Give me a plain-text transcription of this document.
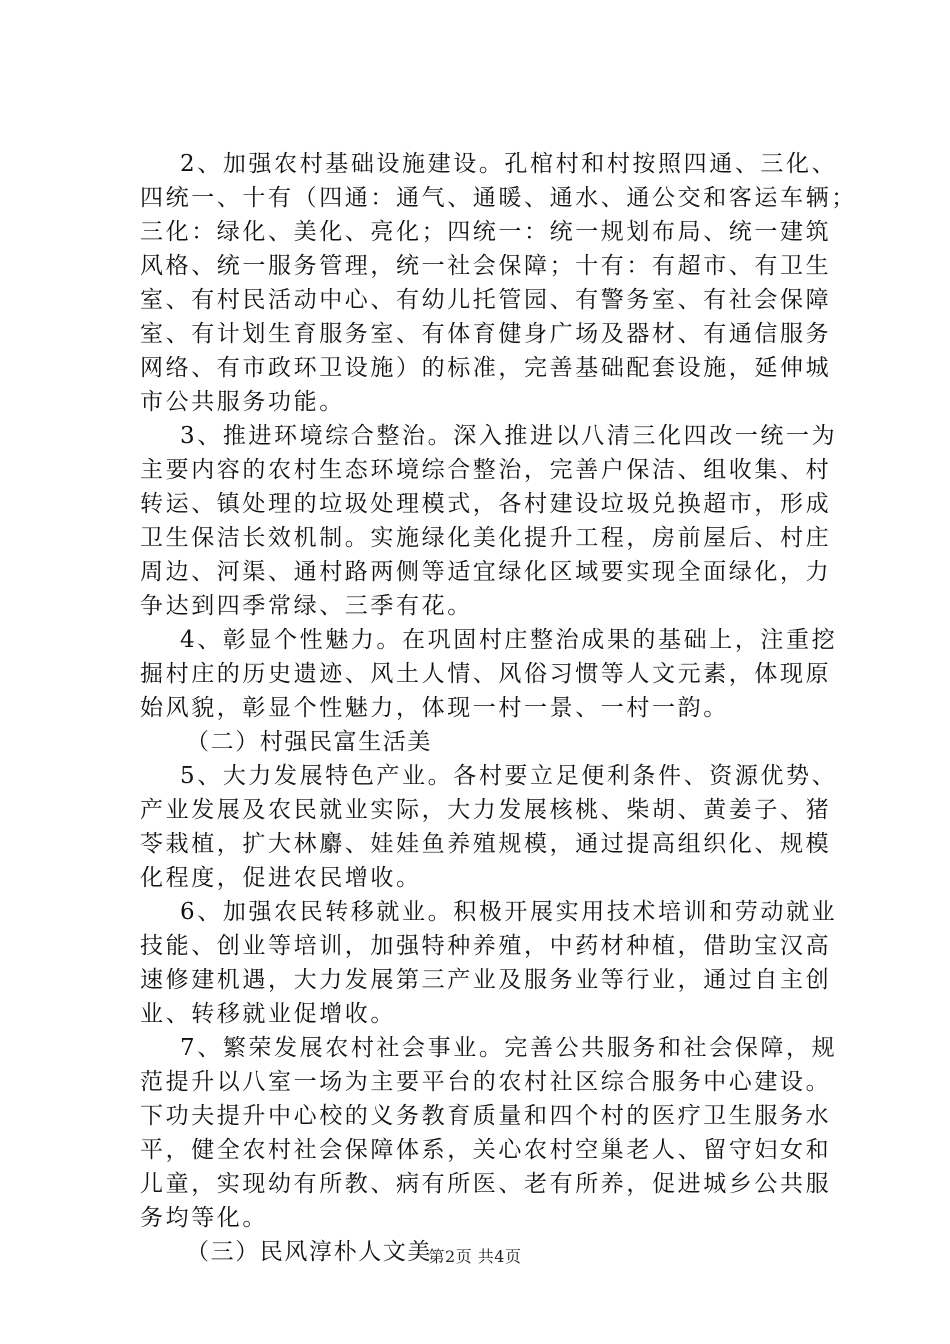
2、加强农村基础设施建设。孔棺村和村按照四通、三化、
四统一、十有（四通：通气、通暖、通水、通公交和客运车辆；
三化：绿化、美化、亮化；四统一：统一规划布局、统一建筑
风格、统一服务管理，统一社会保障；十有：有超市、有卫生
室、有村民活动中心、有幼儿托管园、有警务室、有社会保障
室、有计划生育服务室、有体育健身广场及器材、有通信服务
网络、有市政环卫设施）的标准，完善基础配套设施，延伸城
市公共服务功能。
3、推进环境综合整治。深入推进以八清三化四改一统一为
主要内容的农村生态环境综合整治，完善户保洁、组收集、村
转运、镇处理的垃圾处理模式，各村建设垃圾兑换超市，形成
卫生保洁长效机制。实施绿化美化提升工程，房前屋后、村庄
周边、河渠、通村路两侧等适宜绿化区域要实现全面绿化，力
争达到四季常绿、三季有花。
4、彰显个性魅力。在巩固村庄整治成果的基础上，注重挖
掘村庄的历史遗迹、风土人情、风俗习惯等人文元素，体现原
始风貌，彰显个性魅力，体现一村一景、一村一韵。
（二）村强民富生活美
5、大力发展特色产业。各村要立足便利条件、资源优势、
产业发展及农民就业实际，大力发展核桃、柴胡、黄姜子、猪
苓栽植，扩大林麝、娃娃鱼养殖规模，通过提高组织化、规模
化程度，促进农民增收。
6、加强农民转移就业。积极开展实用技术培训和劳动就业
技能、创业等培训，加强特种养殖，中药材种植，借助宝汉高
速修建机遇，大力发展第三产业及服务业等行业，通过自主创
业、转移就业促增收。
7、繁荣发展农村社会事业。完善公共服务和社会保障，规
范提升以八室一场为主要平台的农村社区综合服务中心建设。
下功夫提升中心校的义务教育质量和四个村的医疗卫生服务水
平，健全农村社会保障体系，关心农村空巢老人、留守妇女和
儿童，实现幼有所教、病有所医、老有所养，促进城乡公共服
务均等化。
（三）民风淳朴人文美
第2页 共4页
